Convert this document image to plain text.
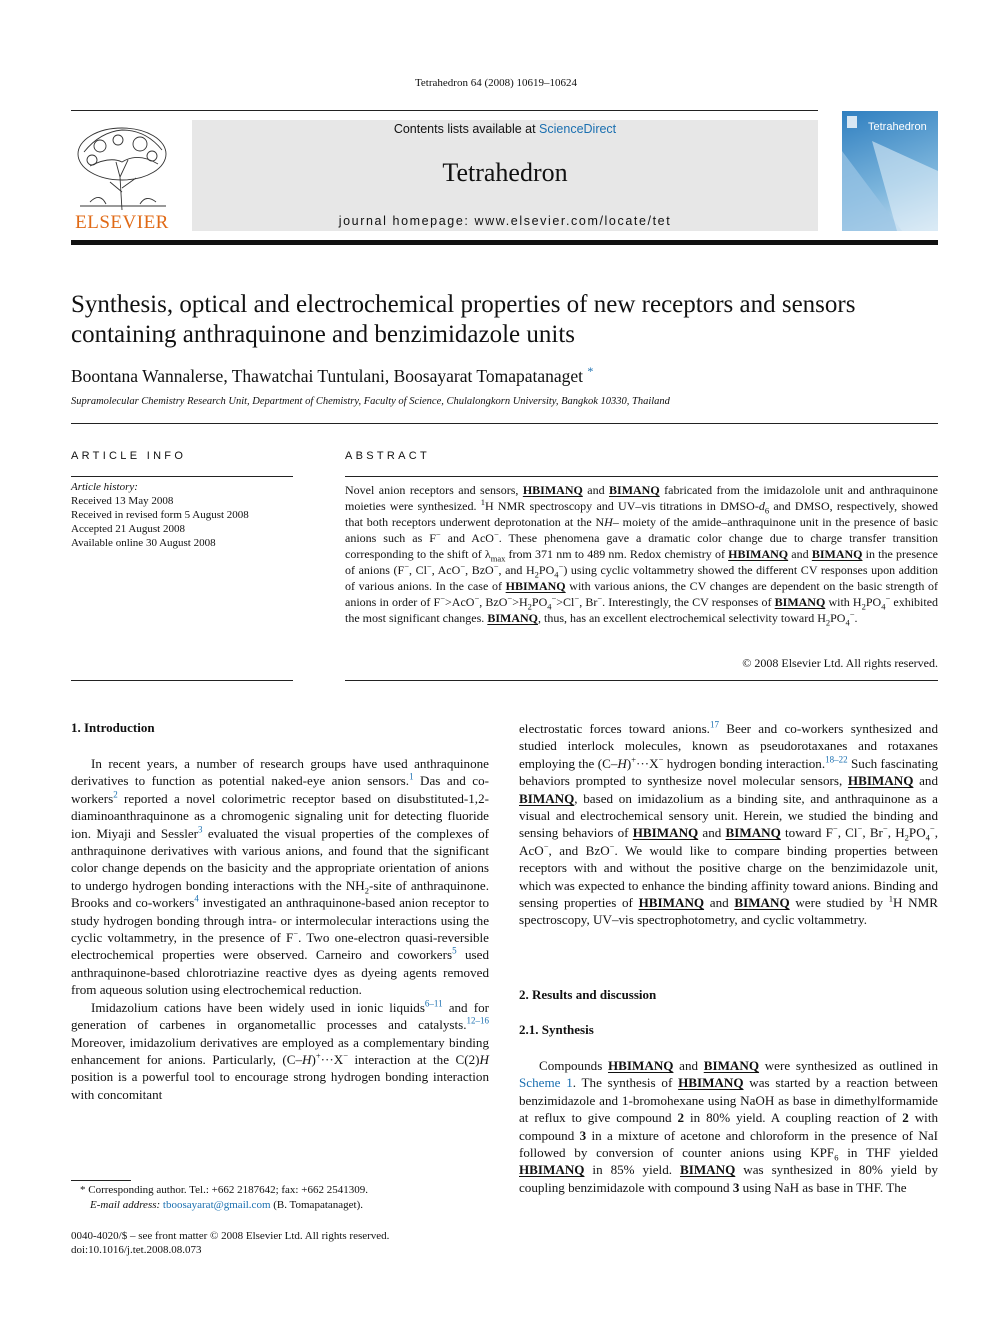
Tetrahedron 64 (2008) 10619–10624
ELSEVIER
Contents lists available at ScienceDirect
Tetrahedron
journal homepage: www.elsevier.com/locate/tet
Tetrahedron
Synthesis, optical and electrochemical properties of new receptors and sensors containing anthraquinone and benzimidazole units
Boontana Wannalerse, Thawatchai Tuntulani, Boosayarat Tomapatanaget *
Supramolecular Chemistry Research Unit, Department of Chemistry, Faculty of Science, Chulalongkorn University, Bangkok 10330, Thailand
ARTICLE INFO
Article history:
Received 13 May 2008
Received in revised form 5 August 2008
Accepted 21 August 2008
Available online 30 August 2008
ABSTRACT
Novel anion receptors and sensors, HBIMANQ and BIMANQ fabricated from the imidazolole unit and anthraquinone moieties were synthesized. $^1$H NMR spectroscopy and UV–vis titrations in DMSO-$d_6$ and DMSO, respectively, showed that both receptors underwent deprotonation at the NH– moiety of the amide–anthraquinone unit in the presence of basic anions such as F− and AcO−. These phenomena gave a dramatic color change due to charge transfer transition corresponding to the shift of $\lambda_{max}$ from 371 nm to 489 nm. Redox chemistry of HBIMANQ and BIMANQ in the presence of anions (F−, Cl−, AcO−, BzO−, and $H_2PO_4^-$) using cyclic voltammetry showed the different CV responses upon addition of various anions. In the case of HBIMANQ with various anions, the CV changes are dependent on the basic strength of anions in order of F−>AcO−, $BzO^->H_2PO_4^->Cl^-$, Br−. Interestingly, the CV responses of BIMANQ with $H_2PO_4^-$ exhibited the most significant changes. BIMANQ, thus, has an excellent electrochemical selectivity toward $H_2PO_4^-$.
© 2008 Elsevier Ltd. All rights reserved.
1. Introduction

In recent years, a number of research groups have used anthraquinone derivatives to function as potential naked-eye anion sensors.$^1$ Das and co-workers$^2$ reported a novel colorimetric receptor based on disubstituted-1,2-diaminoanthraquinone as a chromogenic signaling unit for detecting fluoride ion. Miyaji and Sessler$^3$ evaluated the visual properties of the complexes of anthraquinone derivatives with various anions, and found that the significant color change depends on the basicity and the appropriate orientation of anions to undergo hydrogen bonding interactions with the $NH_2$-site of anthraquinone. Brooks and co-workers$^4$ investigated an anthraquinone-based anion receptor to study hydrogen bonding through intra- or intermolecular interactions using the cyclic voltammetry, in the presence of F−. Two one-electron quasi-reversible electrochemical properties were observed. Carneiro and coworkers$^5$ used anthraquinone-based chlorotriazine reactive dyes as dyeing agents removed from aqueous solution using electrochemical reduction.

Imidazolium cations have been widely used in ionic liquids$^{6-11}$ and for generation of carbenes in organometallic processes and catalysts.$^{12-16}$ Moreover, imidazolium derivatives are employed as a complementary binding enhancement for anions. Particularly, (C–H)+···X− interaction at the C(2)H position is a powerful tool to encourage strong hydrogen bonding interaction with concomitant

* Corresponding author. Tel.: +662 2187642; fax: +662 2541309.
E-mail address: tboosayarat@gmail.com (B. Tomapatanaget).
0040-4020/$ – see front matter © 2008 Elsevier Ltd. All rights reserved.
doi:10.1016/j.tet.2008.08.073

electrostatic forces toward anions.$^{17}$ Beer and co-workers synthesized and studied interlock molecules, known as pseudorotaxanes and rotaxanes employing the (C–H)+···X− hydrogen bonding interaction.$^{18-22}$ Such fascinating behaviors prompted to synthesize novel molecular sensors, HBIMANQ and BIMANQ, based on imidazolium as a binding site, and anthraquinone as a visual and electrochemical sensory unit. Herein, we studied the binding and sensing behaviors of HBIMANQ and BIMANQ toward F−, Cl−, Br−, $H_2PO_4^-$, AcO−, and BzO−. We would like to compare binding properties between receptors with and without the positive charge on the benzimidazole unit, which was expected to enhance the binding affinity toward anions. Binding and sensing properties of HBIMANQ and BIMANQ were studied by $^1$H NMR spectroscopy, UV–vis spectrophotometry, and cyclic voltammetry.

2. Results and discussion
2.1. Synthesis

Compounds HBIMANQ and BIMANQ were synthesized as outlined in Scheme 1. The synthesis of HBIMANQ was started by a reaction between benzimidazole and 1-bromohexane using NaOH as base in dimethylformamide at reflux to give compound 2 in 80% yield. A coupling reaction of 2 with compound 3 in a mixture of acetone and chloroform in the presence of NaI followed by conversion of counter anions using $KPF_6$ in THF yielded HBIMANQ in 85% yield. BIMANQ was synthesized in 80% yield by coupling benzimidazole with compound 3 using NaH as base in THF. The
